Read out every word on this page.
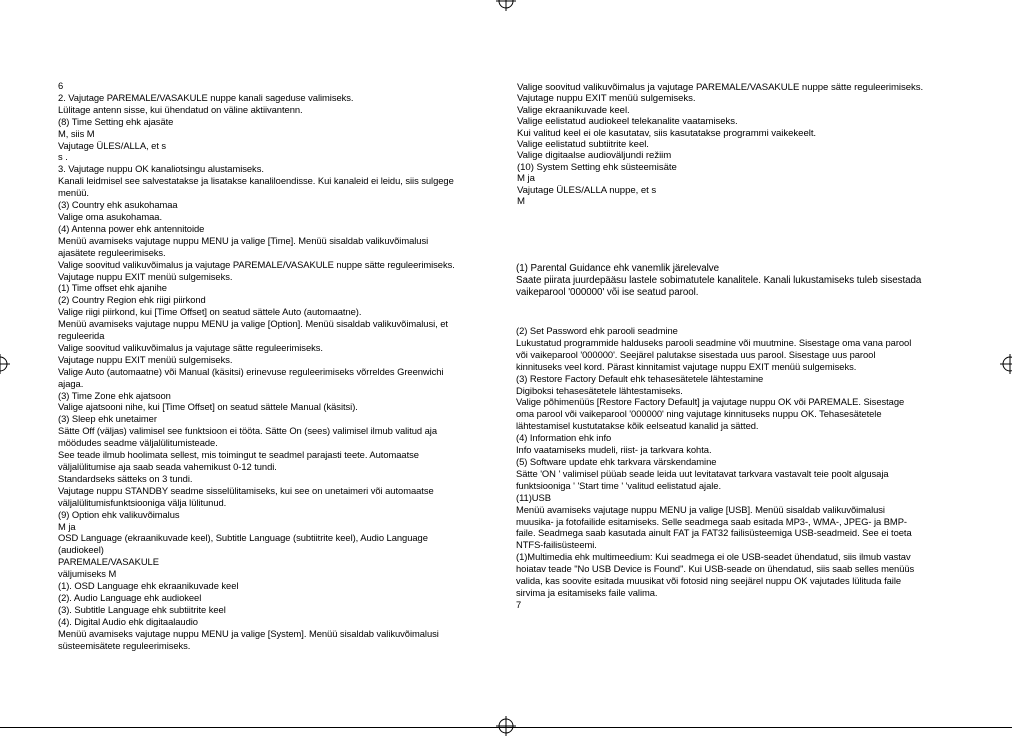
6
2. Vajutage PAREMALE/VASAKULE nuppe kanali sageduse valimiseks.
Lülitage antenn sisse, kui ühendatud on väline aktiivantenn.
(8) Time Setting ehk ajasäte
M, siis M
Vajutage ÜLES/ALLA, et s
s .
3. Vajutage nuppu OK kanaliotsingu alustamiseks.
Kanali leidmisel see salvestatakse ja lisatakse kanaliloendisse. Kui kanaleid ei leidu, siis sulgege
menüü.
(3) Country ehk asukohamaa
Valige oma asukohamaa.
(4) Antenna power ehk antennitoide
Menüü avamiseks vajutage nuppu MENU ja valige [Time]. Menüü sisaldab valikuvõimalusi
ajasätete reguleerimiseks.
Valige soovitud valikuvõimalus ja vajutage PAREMALE/VASAKULE nuppe sätte reguleerimiseks.
Vajutage nuppu EXIT menüü sulgemiseks.
(1) Time offset ehk ajanihe
(2) Country Region ehk riigi piirkond
Valige riigi piirkond, kui [Time Offset] on seatud sättele Auto (automaatne).
Menüü avamiseks vajutage nuppu MENU ja valige [Option]. Menüü sisaldab valikuvõimalusi, et
reguleerida
Valige soovitud valikuvõimalus ja vajutage sätte reguleerimiseks.
Vajutage nuppu EXIT menüü sulgemiseks.
Valige Auto (automaatne) või Manual (käsitsi) erinevuse reguleerimiseks võrreldes Greenwichi
ajaga.
(3) Time Zone ehk ajatsoon
Valige ajatsooni nihe, kui [Time Offset] on seatud sättele Manual (käsitsi).
(3) Sleep ehk unetaimer
Sätte Off (väljas) valimisel see funktsioon ei tööta. Sätte On (sees) valimisel ilmub valitud aja
möödudes seadme väljalülitumisteade.
See teade ilmub hoolimata sellest, mis toimingut te seadmel parajasti teete. Automaatse
väljalülitumise aja saab seada vahemikust 0-12 tundi.
Standardseks sätteks on 3 tundi.
Vajutage nuppu STANDBY seadme sisselülitamiseks, kui see on unetaimeri või automaatse
väljalülitumisfunktsiooniga välja lülitunud.
(9) Option ehk valikuvõimalus
M ja
OSD Language (ekraanikuvade keel), Subtitle Language (subtiitrite keel), Audio Language
(audiokeel)
PAREMALE/VASAKULE
väljumiseks M
(1). OSD Language ehk ekraanikuvade keel
(2). Audio Language ehk audiokeel
(3). Subtitle Language ehk subtiitrite keel
(4). Digital Audio ehk digitaalaudio
Menüü avamiseks vajutage nuppu MENU ja valige [System]. Menüü sisaldab valikuvõimalusi
süsteemisätete reguleerimiseks.
Valige soovitud valikuvõimalus ja vajutage PAREMALE/VASAKULE nuppe sätte reguleerimiseks.
Vajutage nuppu EXIT menüü sulgemiseks.
Valige ekraanikuvade keel.
Valige eelistatud audiokeel telekanalite vaatamiseks.
Kui valitud keel ei ole kasutatav, siis kasutatakse programmi vaikekeelt.
Valige eelistatud subtiitrite keel.
Valige digitaalse audioväljundi režiim
(10) System Setting ehk süsteemisäte
M ja
Vajutage ÜLES/ALLA nuppe, et s
M
(1) Parental Guidance ehk vanemlik järelevalve
Saate piirata juurdepääsu lastele sobimatutele kanalitele. Kanali lukustamiseks tuleb sisestada
vaikeparool '000000' või ise seatud parool.
(2) Set Password ehk parooli seadmine
Lukustatud programmide halduseks parooli seadmine või muutmine. Sisestage oma vana parool
või vaikeparool '000000'. Seejärel palutakse sisestada uus parool. Sisestage uus parool
kinnituseks veel kord. Pärast kinnitamist vajutage nuppu EXIT menüü sulgemiseks.
(3) Restore Factory Default ehk tehasesätetele lähtestamine
Digiboksi tehasesätetele lähtestamiseks.
Valige põhimenüüs [Restore Factory Default] ja vajutage nuppu OK või PAREMALE. Sisestage
oma parool või vaikeparool '000000' ning vajutage kinnituseks nuppu OK. Tehasesätetele
lähtestamisel kustutatakse kõik eelseatud kanalid ja sätted.
(4) Information ehk info
Info vaatamiseks mudeli, riist- ja tarkvara kohta.
(5) Software update ehk tarkvara värskendamine
Sätte 'ON ' valimisel püüab seade leida uut levitatavat tarkvara vastavalt teie poolt algusaja
funktsiooniga ' 'Start time ' 'valitud eelistatud ajale.
(11)USB
Menüü avamiseks vajutage nuppu MENU ja valige [USB]. Menüü sisaldab valikuvõimalusi
muusika- ja fotofailide esitamiseks. Selle seadmega saab esitada MP3-, WMA-, JPEG- ja BMP-
faile. Seadmega saab kasutada ainult FAT ja FAT32 failisüsteemiga USB-seadmeid. See ei toeta
NTFS-failisüsteemi.
(1)Multimedia ehk multimeedium: Kui seadmega ei ole USB-seadet ühendatud, siis ilmub vastav
hoiatav teade "No USB Device is Found". Kui USB-seade on ühendatud, siis saab selles menüüs
valida, kas soovite esitada muusikat või fotosid ning seejärel nuppu OK vajutades lülituda faile
sirvima ja esitamiseks faile valima.
7
